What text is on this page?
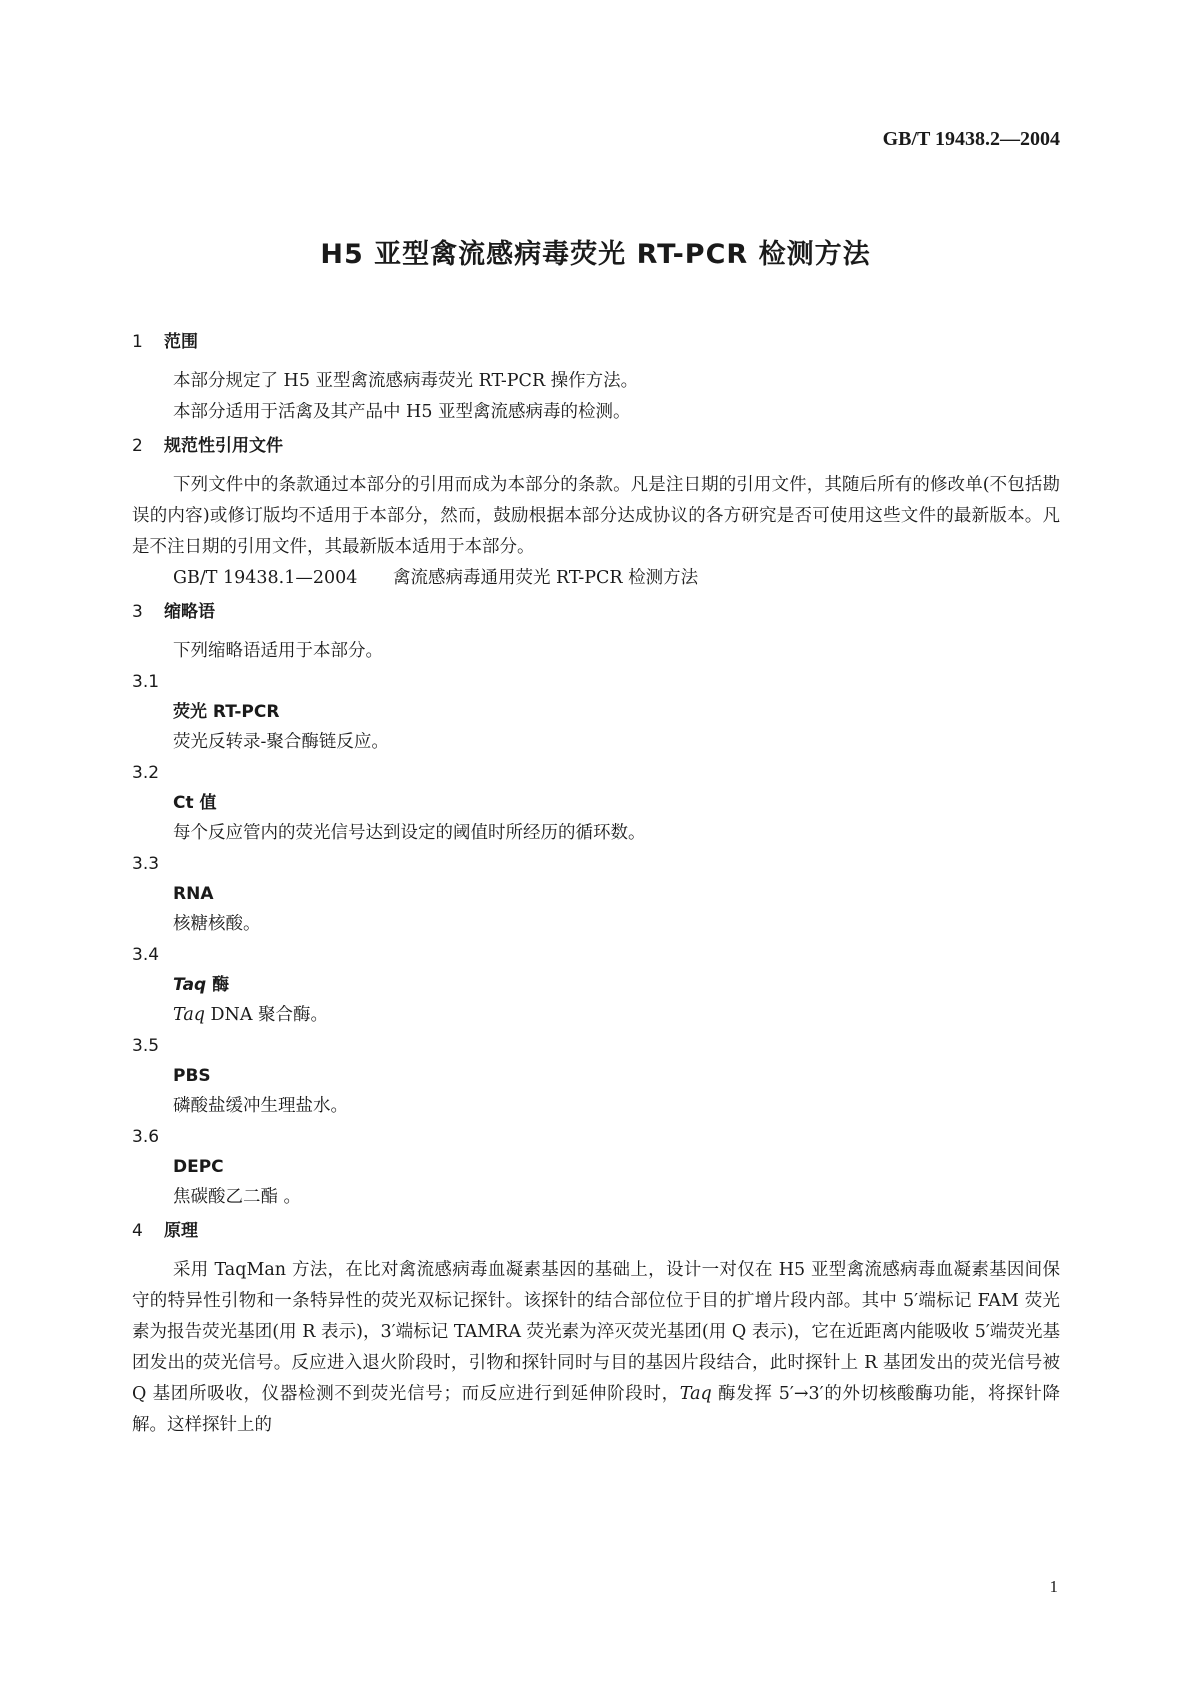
GB/T 19438.2—2004
H5 亚型禽流感病毒荧光 RT-PCR 检测方法

1 范围

本部分规定了 H5 亚型禽流感病毒荧光 RT-PCR 操作方法。

本部分适用于活禽及其产品中 H5 亚型禽流感病毒的检测。

2 规范性引用文件

下列文件中的条款通过本部分的引用而成为本部分的条款。凡是注日期的引用文件，其随后所有的修改单(不包括勘误的内容)或修订版均不适用于本部分，然而，鼓励根据本部分达成协议的各方研究是否可使用这些文件的最新版本。凡是不注日期的引用文件，其最新版本适用于本部分。

GB/T 19438.1—2004 禽流感病毒通用荧光 RT-PCR 检测方法

3 缩略语

下列缩略语适用于本部分。

3.1

荧光 RT-PCR

荧光反转录-聚合酶链反应。

3.2

Ct 值

每个反应管内的荧光信号达到设定的阈值时所经历的循环数。

3.3

RNA

核糖核酸。

3.4

Taq 酶

Taq DNA 聚合酶。

3.5

PBS

磷酸盐缓冲生理盐水。

3.6

DEPC

焦碳酸乙二酯 。

4 原理

采用 TaqMan 方法，在比对禽流感病毒血凝素基因的基础上，设计一对仅在 H5 亚型禽流感病毒血凝素基因间保守的特异性引物和一条特异性的荧光双标记探针。该探针的结合部位位于目的扩增片段内部。其中 5′端标记 FAM 荧光素为报告荧光基团(用 R 表示)，3′端标记 TAMRA 荧光素为淬灭荧光基团(用 Q 表示)，它在近距离内能吸收 5′端荧光基团发出的荧光信号。反应进入退火阶段时，引物和探针同时与目的基因片段结合，此时探针上 R 基团发出的荧光信号被 Q 基团所吸收，仪器检测不到荧光信号；而反应进行到延伸阶段时，Taq 酶发挥 5′→3′的外切核酸酶功能，将探针降解。这样探针上的

1
